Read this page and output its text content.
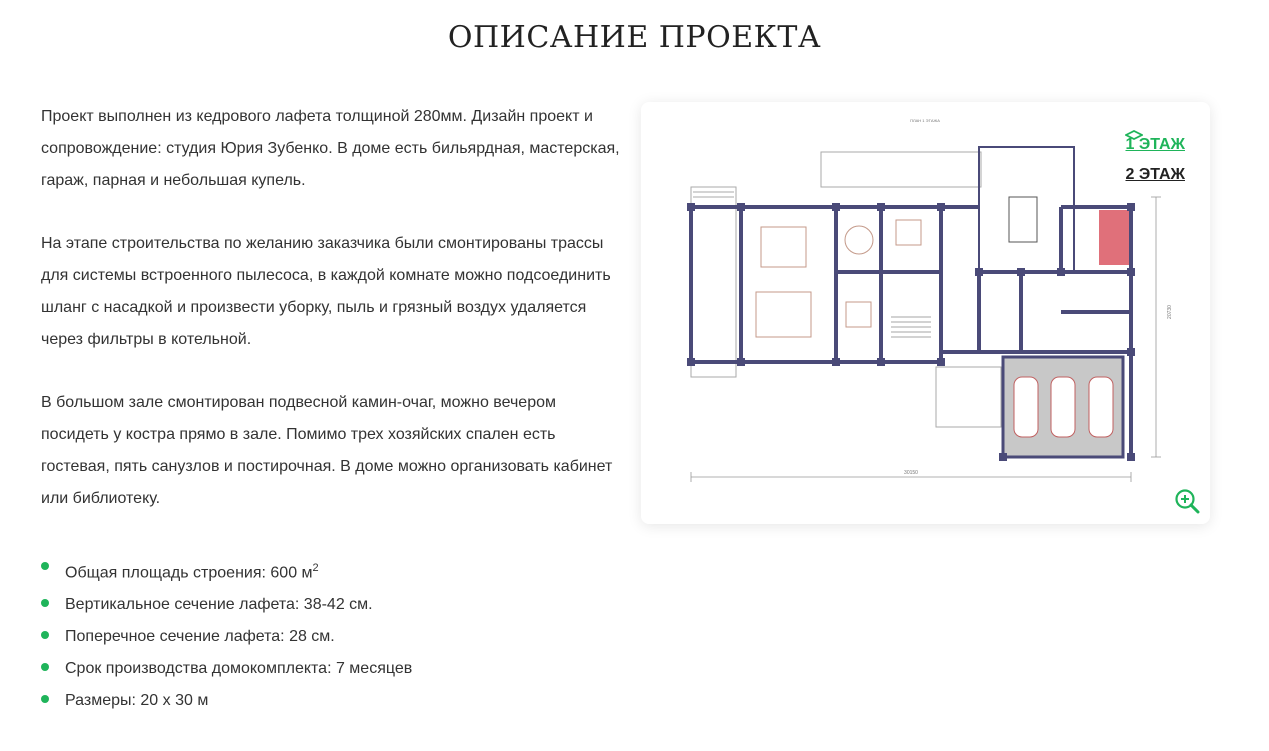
ОПИСАНИЕ ПРОЕКТА

Проект выполнен из кедрового лафета толщиной 280мм. Дизайн проект и сопровождение: студия Юрия Зубенко. В доме есть бильярдная, мастерская, гараж, парная и небольшая купель.

На этапе строительства по желанию заказчика были смонтированы трассы для системы встроенного пылесоса, в каждой комнате можно подсоединить шланг с насадкой и произвести уборку, пыль и грязный воздух удаляется через фильтры в котельной.

В большом зале смонтирован подвесной камин-очаг, можно вечером посидеть у костра прямо в зале. Помимо трех хозяйских спален есть гостевая, пять санузлов и постирочная. В доме можно организовать кабинет или библиотеку.

Общая площадь строения: 600 $м^2$
Вертикальное сечение лафета: 38-42 см.
Поперечное сечение лафета: 28 см.
Срок производства домокомплекта: 7 месяцев
Размеры: 20 х 30 м
ПЛАН 1 ЭТАЖА
30150
20730
1 ЭТАЖ
2 ЭТАЖ
